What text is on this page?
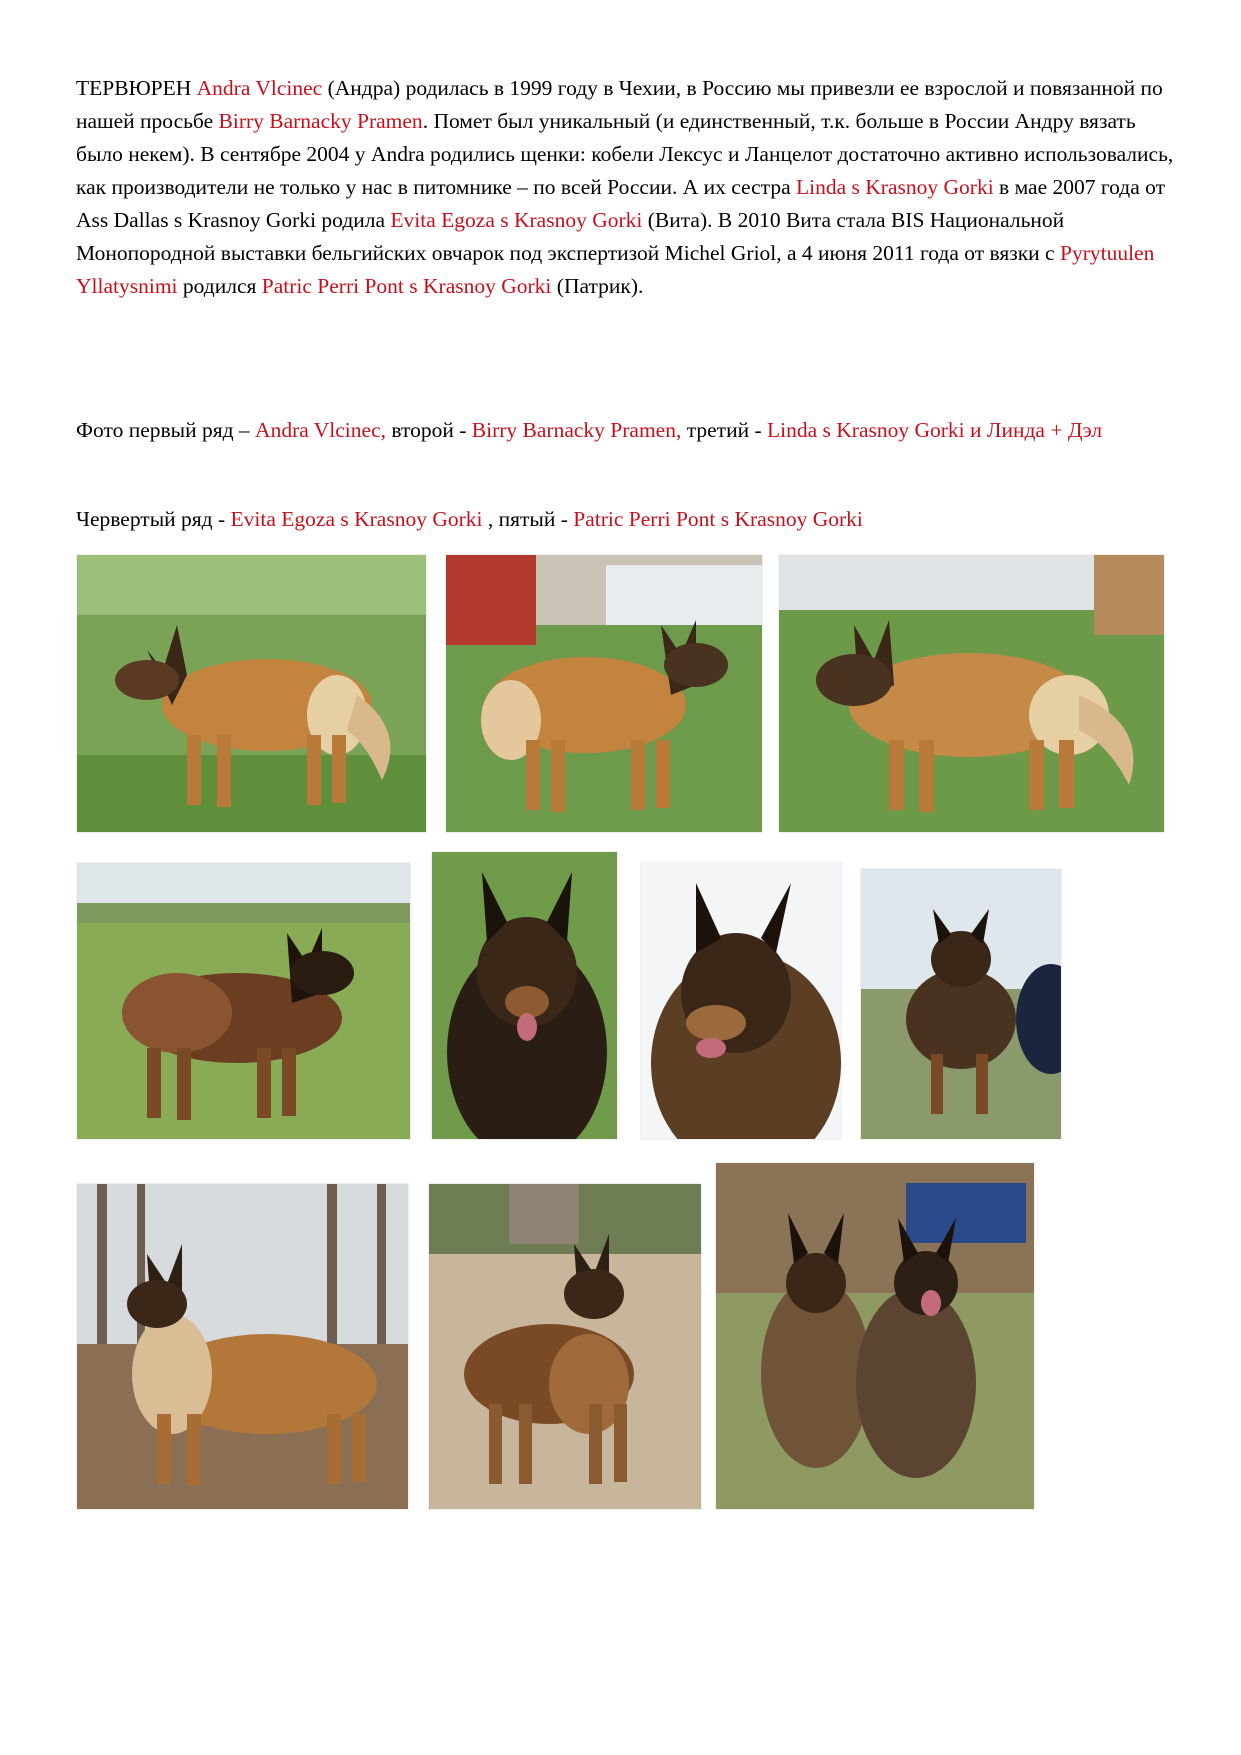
ТЕРВЮРЕН Andra Vlcinec (Андра) родилась в 1999 году в Чехии, в Россию мы привезли ее взрослой и повязанной по нашей просьбе Birry Barnacky Pramen. Помет был уникальный (и единственный, т.к. больше в России Андру вязать было некем). В сентябре 2004 у Andra родились щенки: кобели Лексус и Ланцелот достаточно активно использовались, как производители не только у нас в питомнике – по всей России. А их сестра Linda s Krasnoy Gorki в мае 2007 года от Ass Dallas s Krasnoy Gorki родила Evita Egoza s Krasnoy Gorki (Вита). В 2010 Вита стала BIS Национальной Монопородной выставки бельгийских овчарок под экспертизой Michel Griol, а 4 июня 2011 года от вязки с Pyrytuulen Yllatysnimi родился Patric Perri Pont s Krasnoy Gorki (Патрик).

Фото первый ряд – Andra Vlcinec, второй - Birry Barnacky Pramen, третий - Linda s Krasnoy Gorki и Линда + Дэл

Червертый ряд - Evita Egoza s Krasnoy Gorki , пятый - Patric Perri Pont s Krasnoy Gorki
